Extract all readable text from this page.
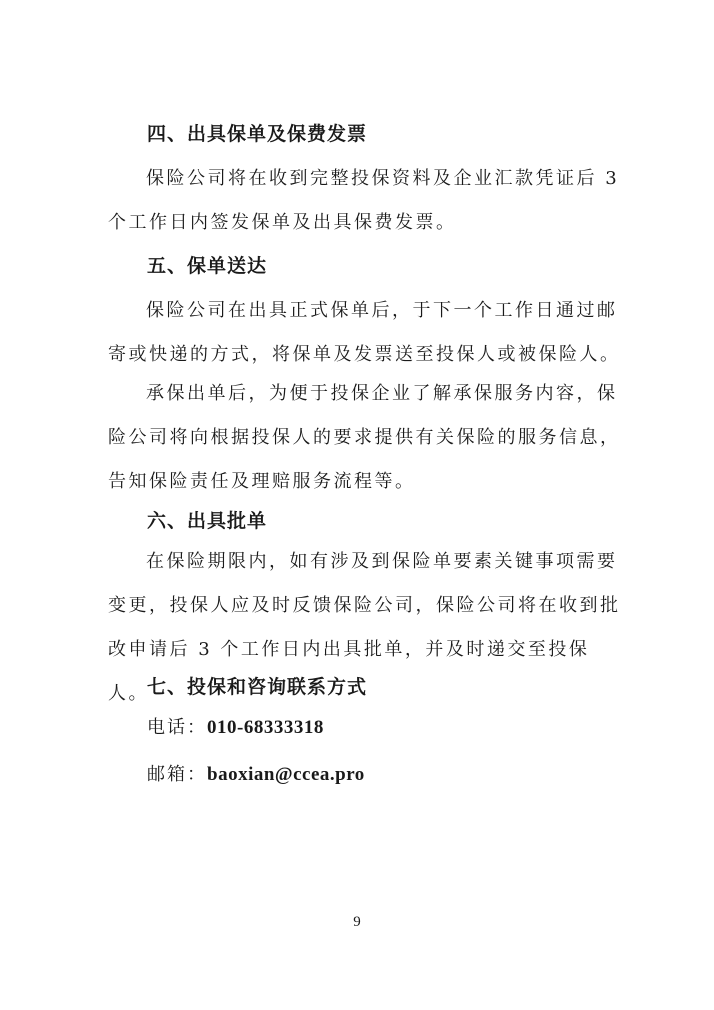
四、出具保单及保费发票

保险公司将在收到完整投保资料及企业汇款凭证后 3 个工作日内签发保单及出具保费发票。

五、保单送达

保险公司在出具正式保单后，于下一个工作日通过邮寄或快递的方式，将保单及发票送至投保人或被保险人。

承保出单后，为便于投保企业了解承保服务内容，保险公司将向根据投保人的要求提供有关保险的服务信息，告知保险责任及理赔服务流程等。

六、出具批单

在保险期限内，如有涉及到保险单要素关键事项需要变更，投保人应及时反馈保险公司，保险公司将在收到批改申请后 3 个工作日内出具批单，并及时递交至投保人。

七、投保和咨询联系方式
电话：010-68333318
邮箱：baoxian@ccea.pro
9
